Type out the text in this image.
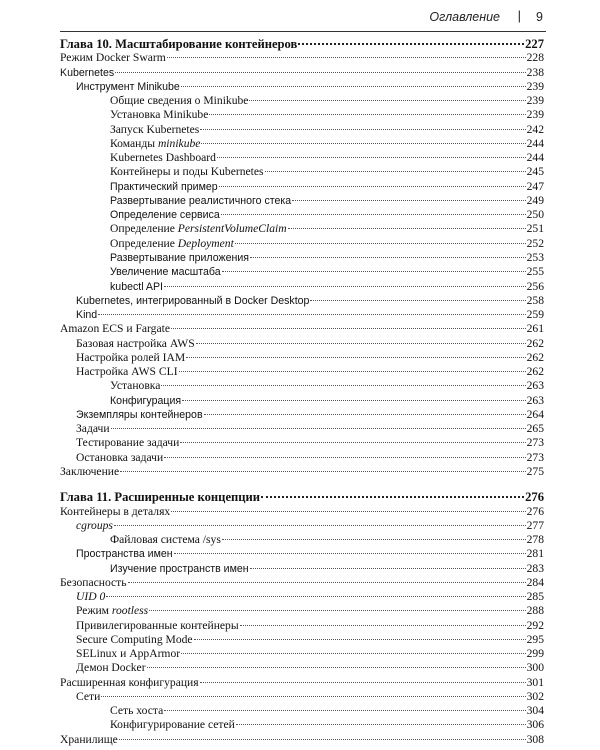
Оглавление | 9
Глава 10. Масштабирование контейнеров	227
Режим Docker Swarm	228
Kubernetes	238
Инструмент Minikube	239
Общие сведения о Minikube	239
Установка Minikube	239
Запуск Kubernetes	242
Команды minikube	244
Kubernetes Dashboard	244
Контейнеры и поды Kubernetes	245
Практический пример	247
Развертывание реалистичного стека	249
Определение сервиса	250
Определение PersistentVolumeClaim	251
Определение Deployment	252
Развертывание приложения	253
Увеличение масштаба	255
kubectl API	256
Kubernetes, интегрированный в Docker Desktop	258
Kind	259
Amazon ECS и Fargate	261
Базовая настройка AWS	262
Настройка ролей IAM	262
Настройка AWS CLI	262
Установка	263
Конфигурация	263
Экземпляры контейнеров	264
Задачи	265
Тестирование задачи	273
Остановка задачи	273
Заключение	275
Глава 11. Расширенные концепции	276
Контейнеры в деталях	276
cgroups	277
Файловая система /sys	278
Пространства имен	281
Изучение пространств имен	283
Безопасность	284
UID 0	285
Режим rootless	288
Привилегированные контейнеры	292
Secure Computing Mode	295
SELinux и AppArmor	299
Демон Docker	300
Расширенная конфигурация	301
Сети	302
Сеть хоста	304
Конфигурирование сетей	306
Хранилище	308
